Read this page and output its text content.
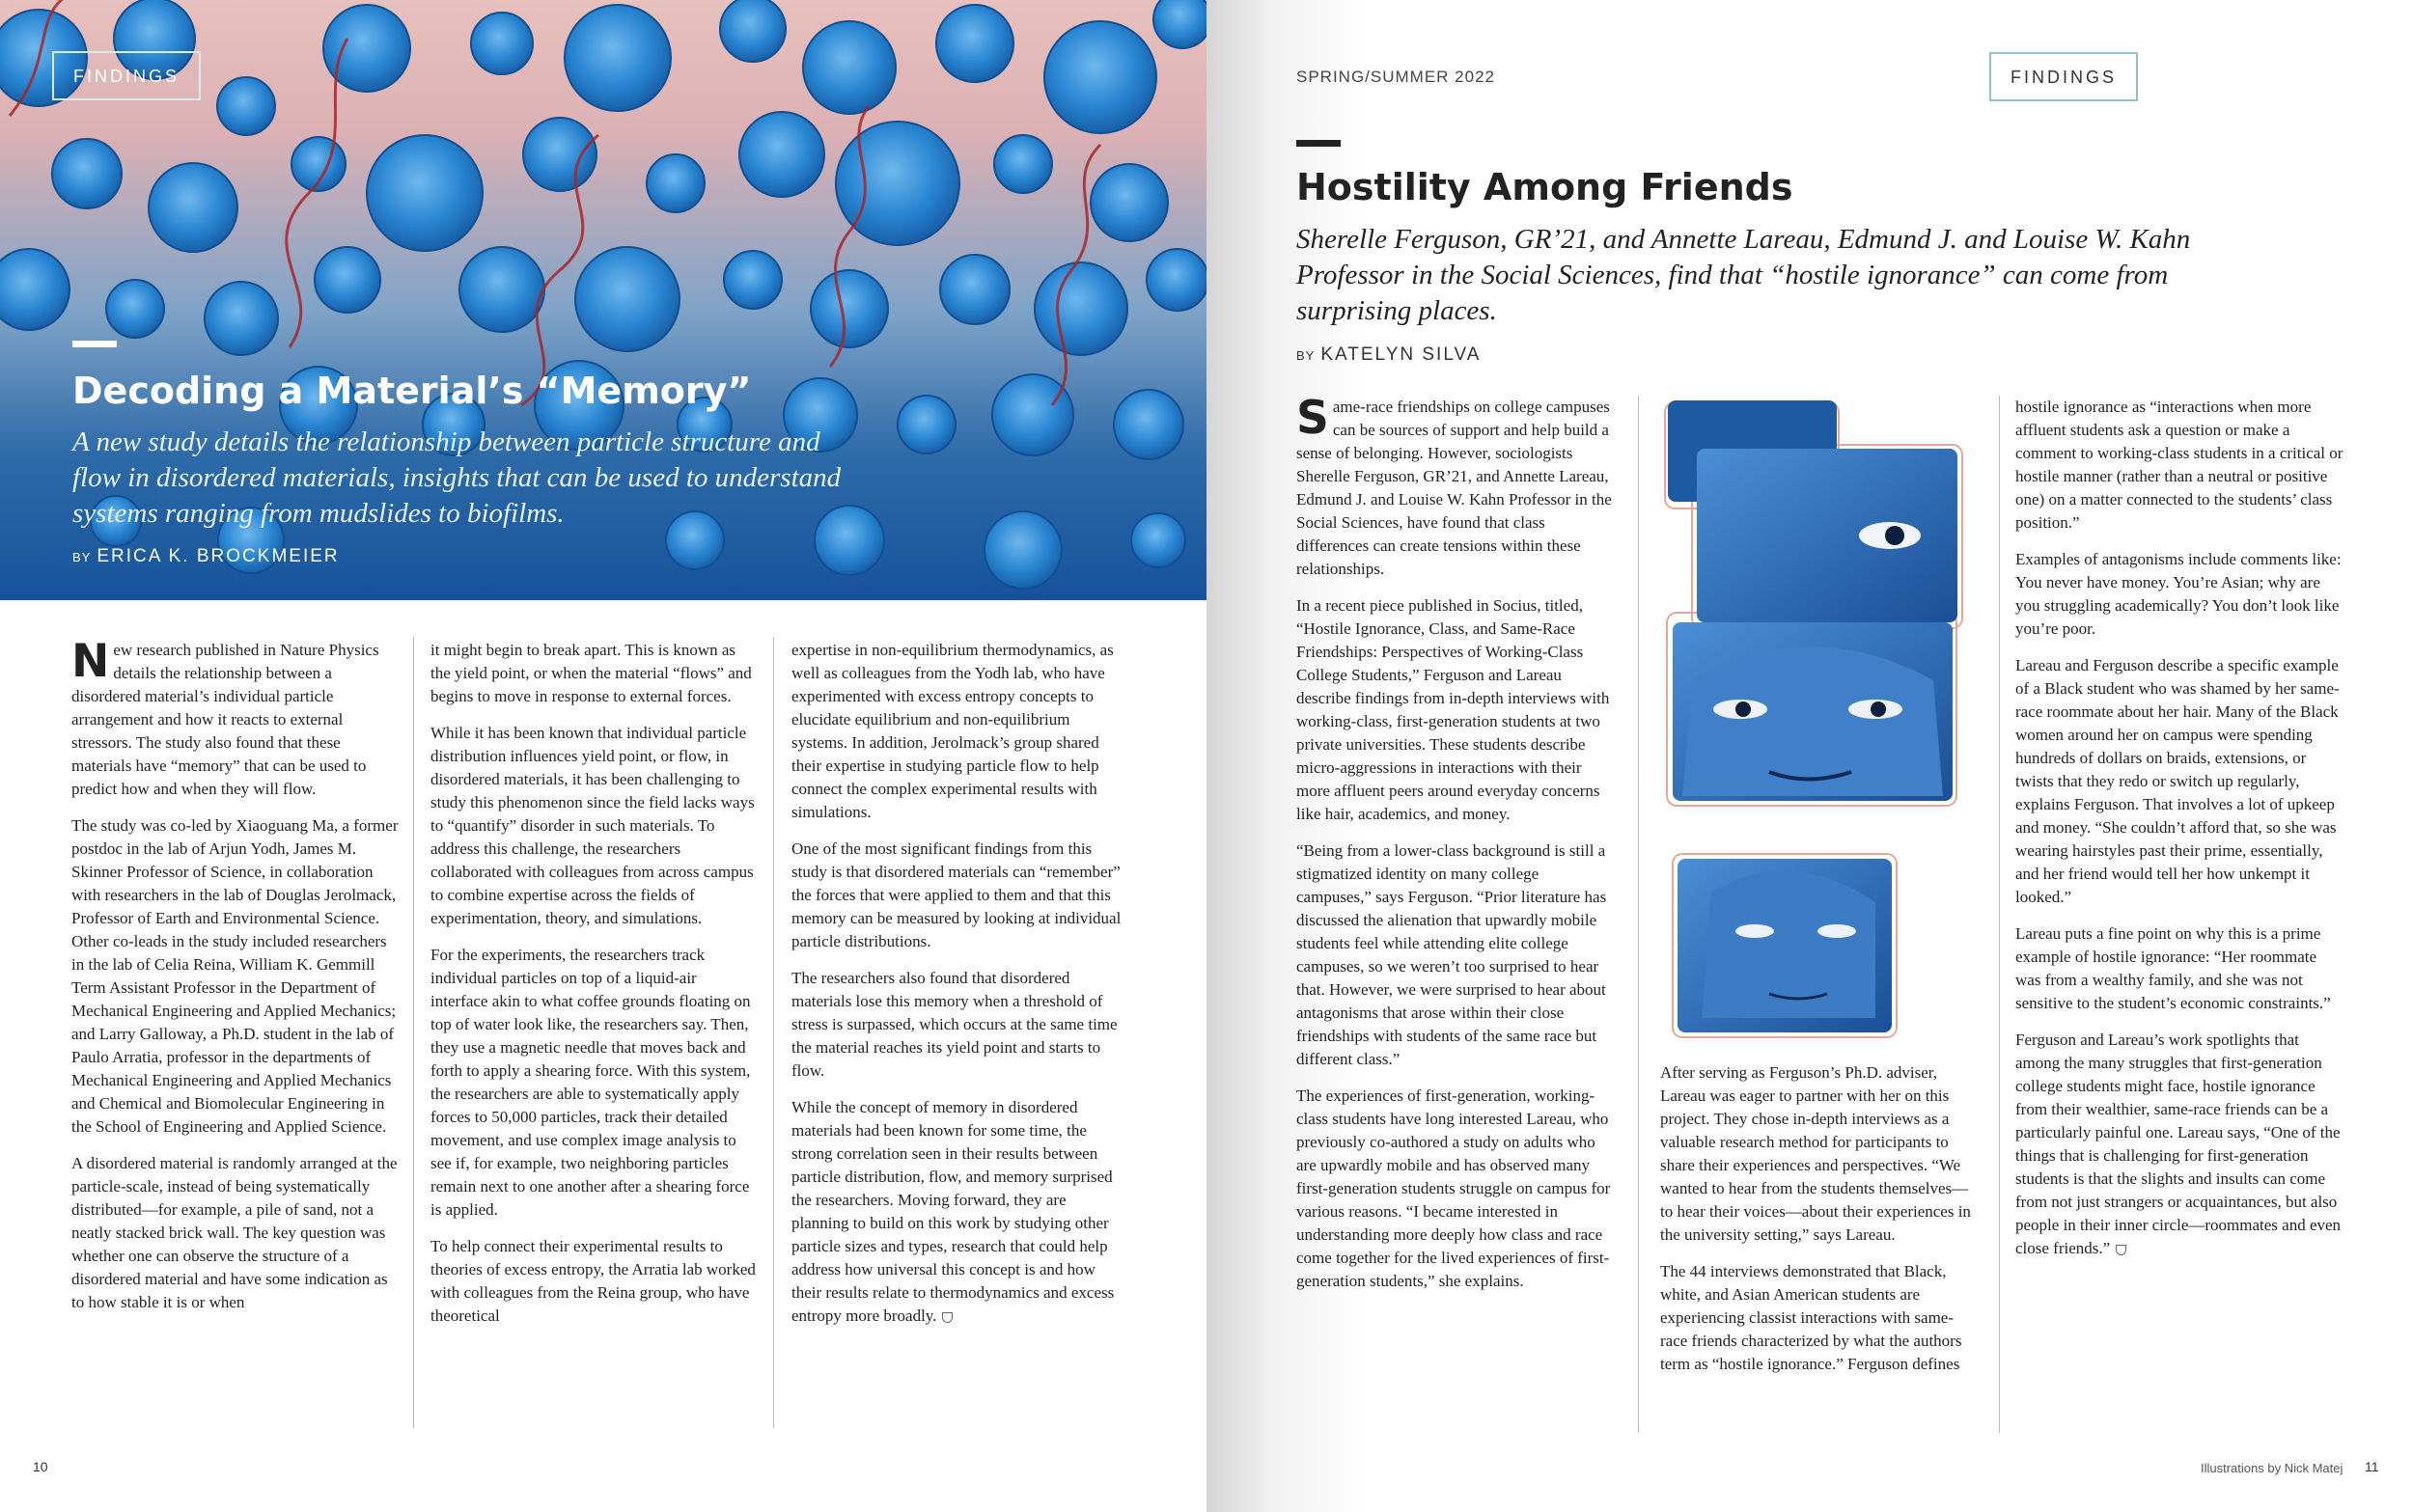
FINDINGS
Decoding a Material’s “Memory”
A new study details the relationship between particle structure and flow in disordered materials, insights that can be used to understand systems ranging from mudslides to biofilms.
BY ERICA K. BROCKMEIER

New research published in Nature Physics details the relationship between a disordered material’s individual particle arrangement and how it reacts to external stressors. The study also found that these materials have “memory” that can be used to predict how and when they will flow.

The study was co-led by Xiaoguang Ma, a former postdoc in the lab of Arjun Yodh, James M. Skinner Professor of Science, in collaboration with researchers in the lab of Douglas Jerolmack, Professor of Earth and Environmental Science. Other co-leads in the study included researchers in the lab of Celia Reina, William K. Gemmill Term Assistant Professor in the Department of Mechanical Engineering and Applied Mechanics; and Larry Galloway, a Ph.D. student in the lab of Paulo Arratia, professor in the departments of Mechanical Engineering and Applied Mechanics and Chemical and Biomolecular Engineering in the School of Engineering and Applied Science.

A disordered material is randomly arranged at the particle-scale, instead of being systematically distributed—for example, a pile of sand, not a neatly stacked brick wall. The key question was whether one can observe the structure of a disordered material and have some indication as to how stable it is or when

it might begin to break apart. This is known as the yield point, or when the material “flows” and begins to move in response to external forces.

While it has been known that individual particle distribution influences yield point, or flow, in disordered materials, it has been challenging to study this phenomenon since the field lacks ways to “quantify” disorder in such materials. To address this challenge, the researchers collaborated with colleagues from across campus to combine expertise across the fields of experimentation, theory, and simulations.

For the experiments, the researchers track individual particles on top of a liquid-air interface akin to what coffee grounds floating on top of water look like, the researchers say. Then, they use a magnetic needle that moves back and forth to apply a shearing force. With this system, the researchers are able to systematically apply forces to 50,000 particles, track their detailed movement, and use complex image analysis to see if, for example, two neighboring particles remain next to one another after a shearing force is applied.

To help connect their experimental results to theories of excess entropy, the Arratia lab worked with colleagues from the Reina group, who have theoretical

expertise in non-equilibrium thermodynamics, as well as colleagues from the Yodh lab, who have experimented with excess entropy concepts to elucidate equilibrium and non-equilibrium systems. In addition, Jerolmack’s group shared their expertise in studying particle flow to help connect the complex experimental results with simulations.

One of the most significant findings from this study is that disordered materials can “remember” the forces that were applied to them and that this memory can be measured by looking at individual particle distributions.

The researchers also found that disordered materials lose this memory when a threshold of stress is surpassed, which occurs at the same time the material reaches its yield point and starts to flow.

While the concept of memory in disordered materials had been known for some time, the strong correlation seen in their results between particle distribution, flow, and memory surprised the researchers. Moving forward, they are planning to build on this work by studying other particle sizes and types, research that could help address how universal this concept is and how their results relate to thermodynamics and excess entropy more broadly.

10
SPRING/SUMMER 2022
Hostility Among Friends
Sherelle Ferguson, GR’21, and Annette Lareau, Edmund J. and Louise W. Kahn Professor in the Social Sciences, find that “hostile ignorance” can come from surprising places.
BY KATELYN SILVA

Same-race friendships on college campuses can be sources of support and help build a sense of belonging. However, sociologists Sherelle Ferguson, GR’21, and Annette Lareau, Edmund J. and Louise W. Kahn Professor in the Social Sciences, have found that class differences can create tensions within these relationships.

In a recent piece published in Socius, titled, “Hostile Ignorance, Class, and Same-Race Friendships: Perspectives of Working-Class College Students,” Ferguson and Lareau describe findings from in-depth interviews with working-class, first-generation students at two private universities. These students describe micro-aggressions in interactions with their more affluent peers around everyday concerns like hair, academics, and money.

“Being from a lower-class background is still a stigmatized identity on many college campuses,” says Ferguson. “Prior literature has discussed the alienation that upwardly mobile students feel while attending elite college campuses, so we weren’t too surprised to hear that. However, we were surprised to hear about antagonisms that arose within their close friendships with students of the same race but different class.”

The experiences of first-generation, working-class students have long interested Lareau, who previously co-authored a study on adults who are upwardly mobile and has observed many first-generation students struggle on campus for various reasons. “I became interested in understanding more deeply how class and race come together for the lived experiences of first-generation students,” she explains.

After serving as Ferguson’s Ph.D. adviser, Lareau was eager to partner with her on this project. They chose in-depth interviews as a valuable research method for participants to share their experiences and perspectives. “We wanted to hear from the students themselves—to hear their voices—about their experiences in the university setting,” says Lareau.

The 44 interviews demonstrated that Black, white, and Asian American students are experiencing classist interactions with same-race friends characterized by what the authors term as “hostile ignorance.” Ferguson defines

hostile ignorance as “interactions when more affluent students ask a question or make a comment to working-class students in a critical or hostile manner (rather than a neutral or positive one) on a matter connected to the students’ class position.”

Examples of antagonisms include comments like: You never have money. You’re Asian; why are you struggling academically? You don’t look like you’re poor.

Lareau and Ferguson describe a specific example of a Black student who was shamed by her same-race roommate about her hair. Many of the Black women around her on campus were spending hundreds of dollars on braids, extensions, or twists that they redo or switch up regularly, explains Ferguson. That involves a lot of upkeep and money. “She couldn’t afford that, so she was wearing hairstyles past their prime, essentially, and her friend would tell her how unkempt it looked.”

Lareau puts a fine point on why this is a prime example of hostile ignorance: “Her roommate was from a wealthy family, and she was not sensitive to the student’s economic constraints.”

Ferguson and Lareau’s work spotlights that among the many struggles that first-generation college students might face, hostile ignorance from their wealthier, same-race friends can be a particularly painful one. Lareau says, “One of the things that is challenging for first-generation students is that the slights and insults can come from not just strangers or acquaintances, but also people in their inner circle—roommates and even close friends.”

Illustrations by Nick Matej 11
FINDINGS
